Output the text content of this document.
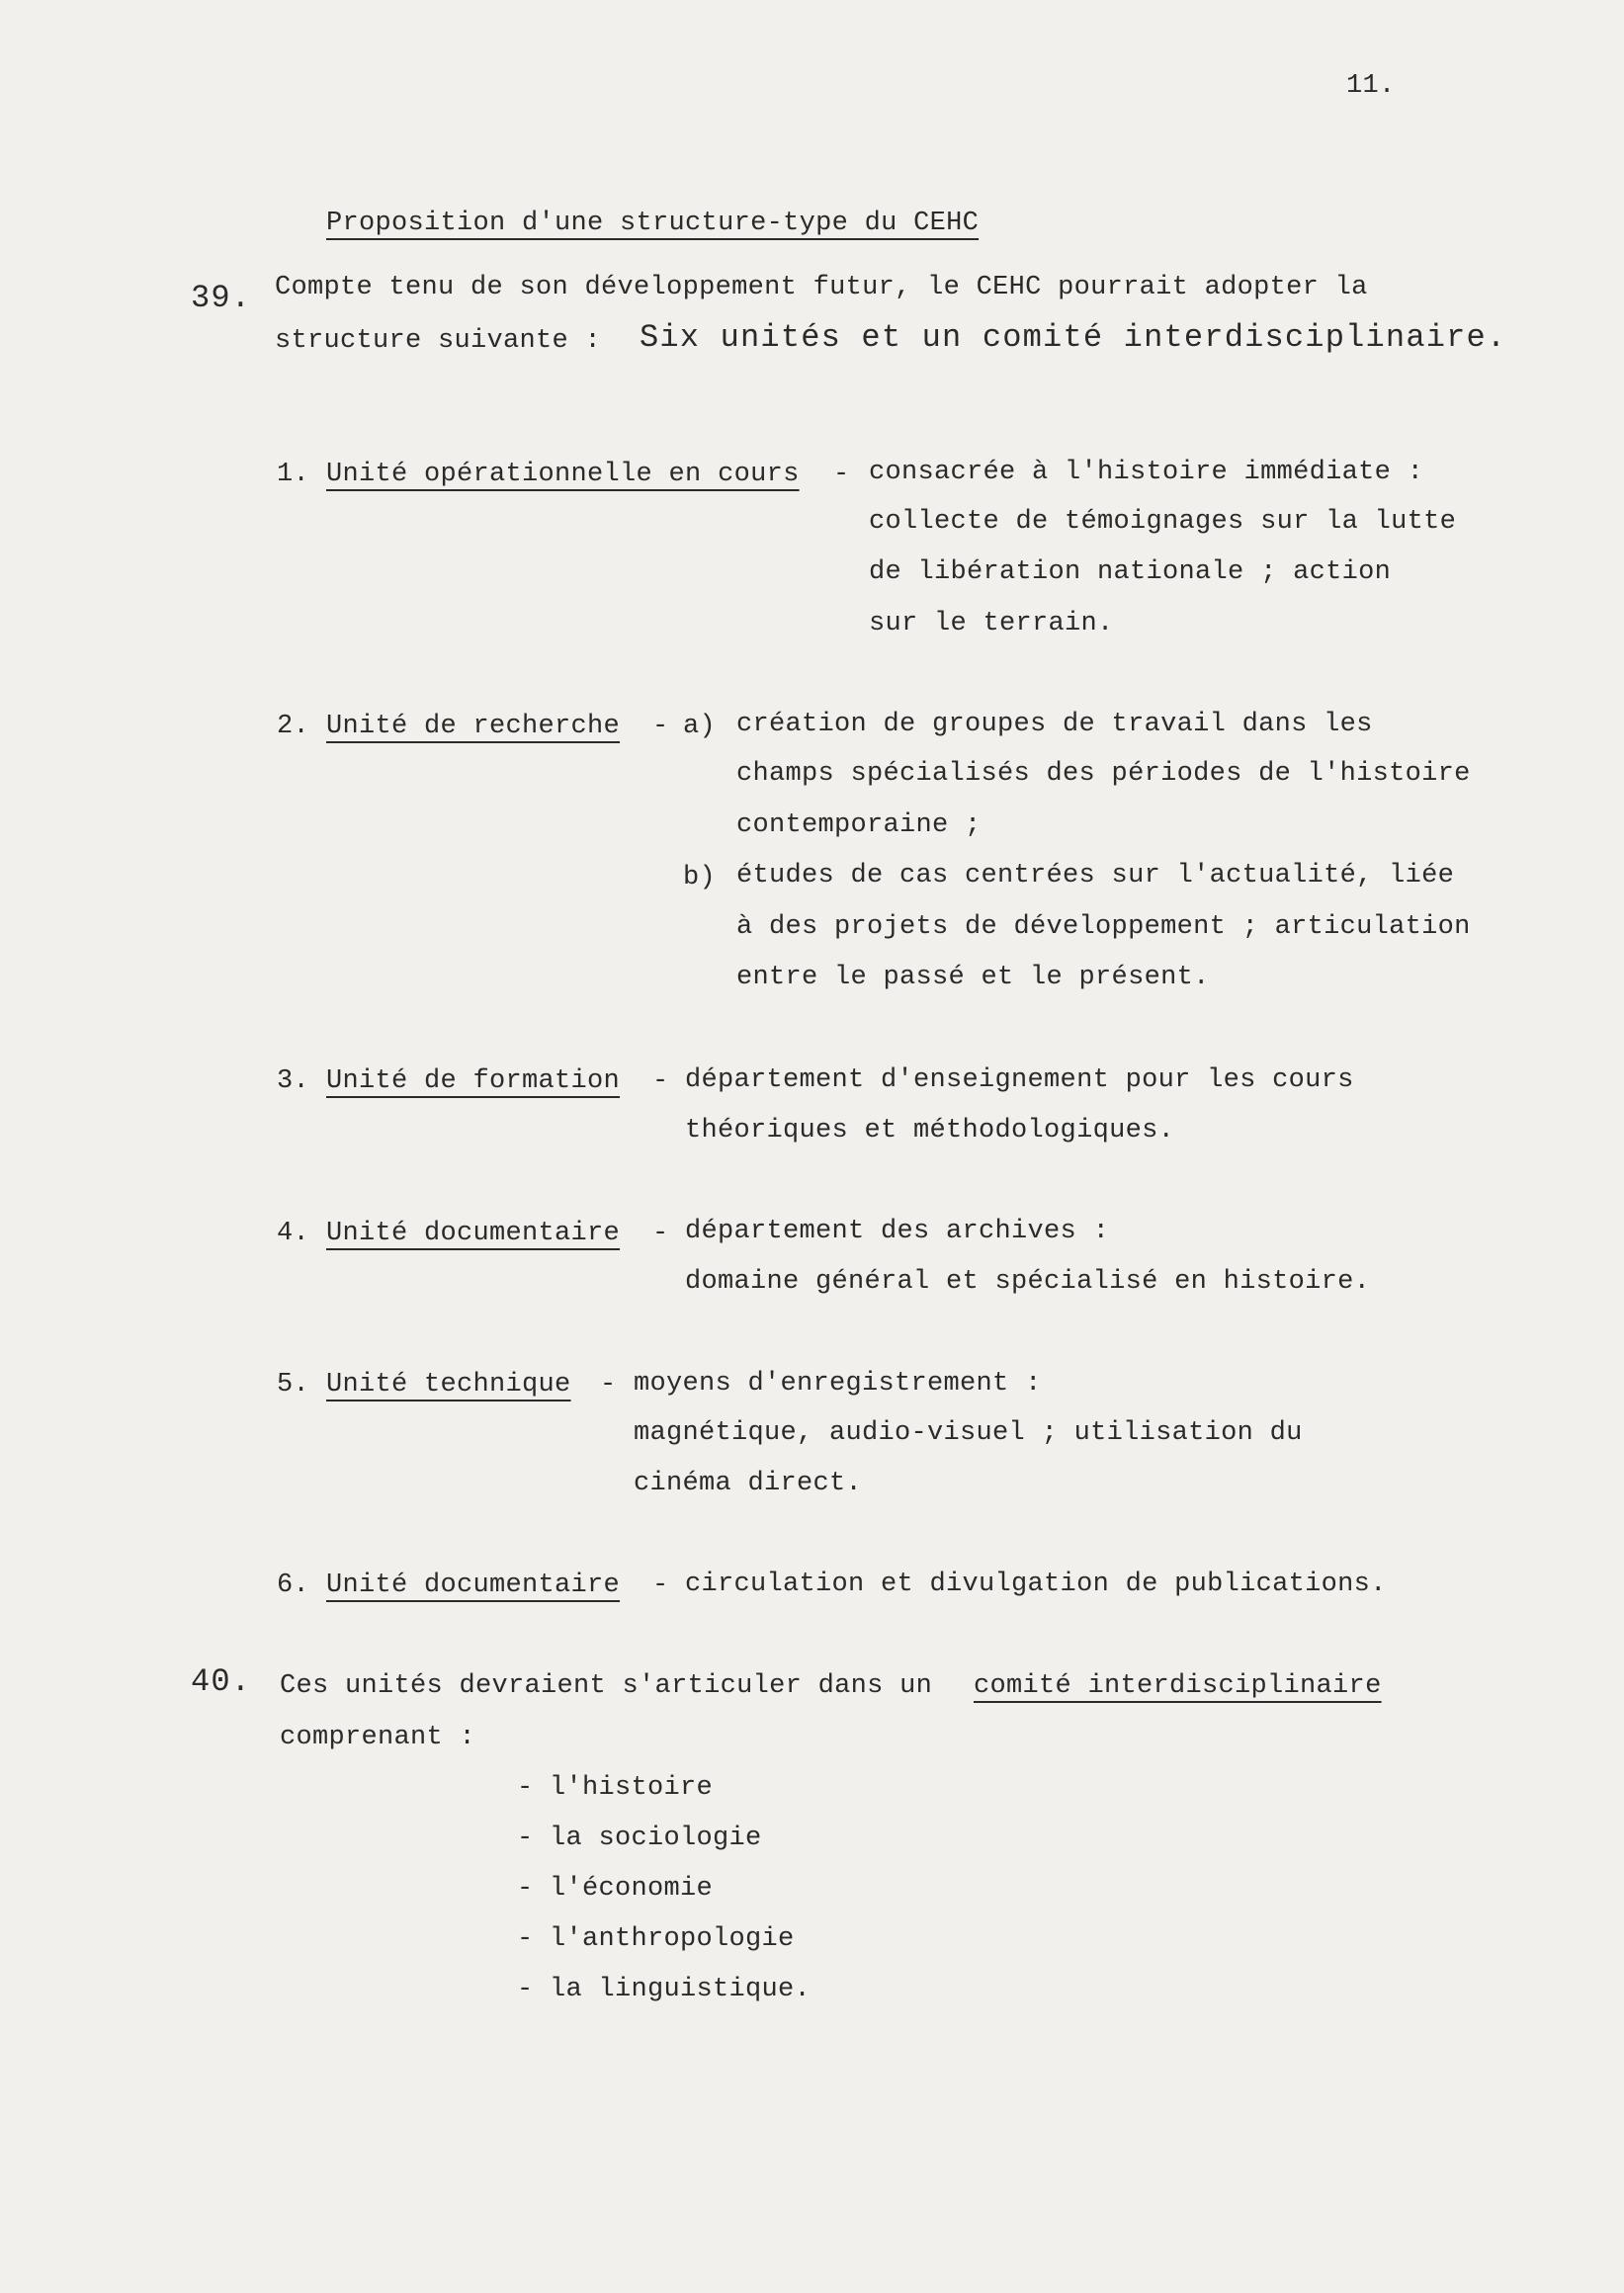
11.
Proposition d'une structure-type du CEHC
39. Compte tenu de son développement futur, le CEHC pourrait adopter la
structure suivante : Six unités et un comité interdisciplinaire.
1. Unité opérationnelle en cours - consacrée à l'histoire immédiate :
collecte de témoignages sur la lutte
de libération nationale ; action
sur le terrain.
2. Unité de recherche - a) création de groupes de travail dans les
champs spécialisés des périodes de l'histoire
contemporaine ;
b) études de cas centrées sur l'actualité, liée
à des projets de développement ; articulation
entre le passé et le présent.
3. Unité de formation - département d'enseignement pour les cours
théoriques et méthodologiques.
4. Unité documentaire - département des archives :
domaine général et spécialisé en histoire.
5. Unité technique - moyens d'enregistrement :
magnétique, audio-visuel ; utilisation du
cinéma direct.
6. Unité documentaire - circulation et divulgation de publications.
40. Ces unités devraient s'articuler dans un comité interdisciplinaire
comprenant :
- l'histoire
- la sociologie
- l'économie
- l'anthropologie
- la linguistique.
